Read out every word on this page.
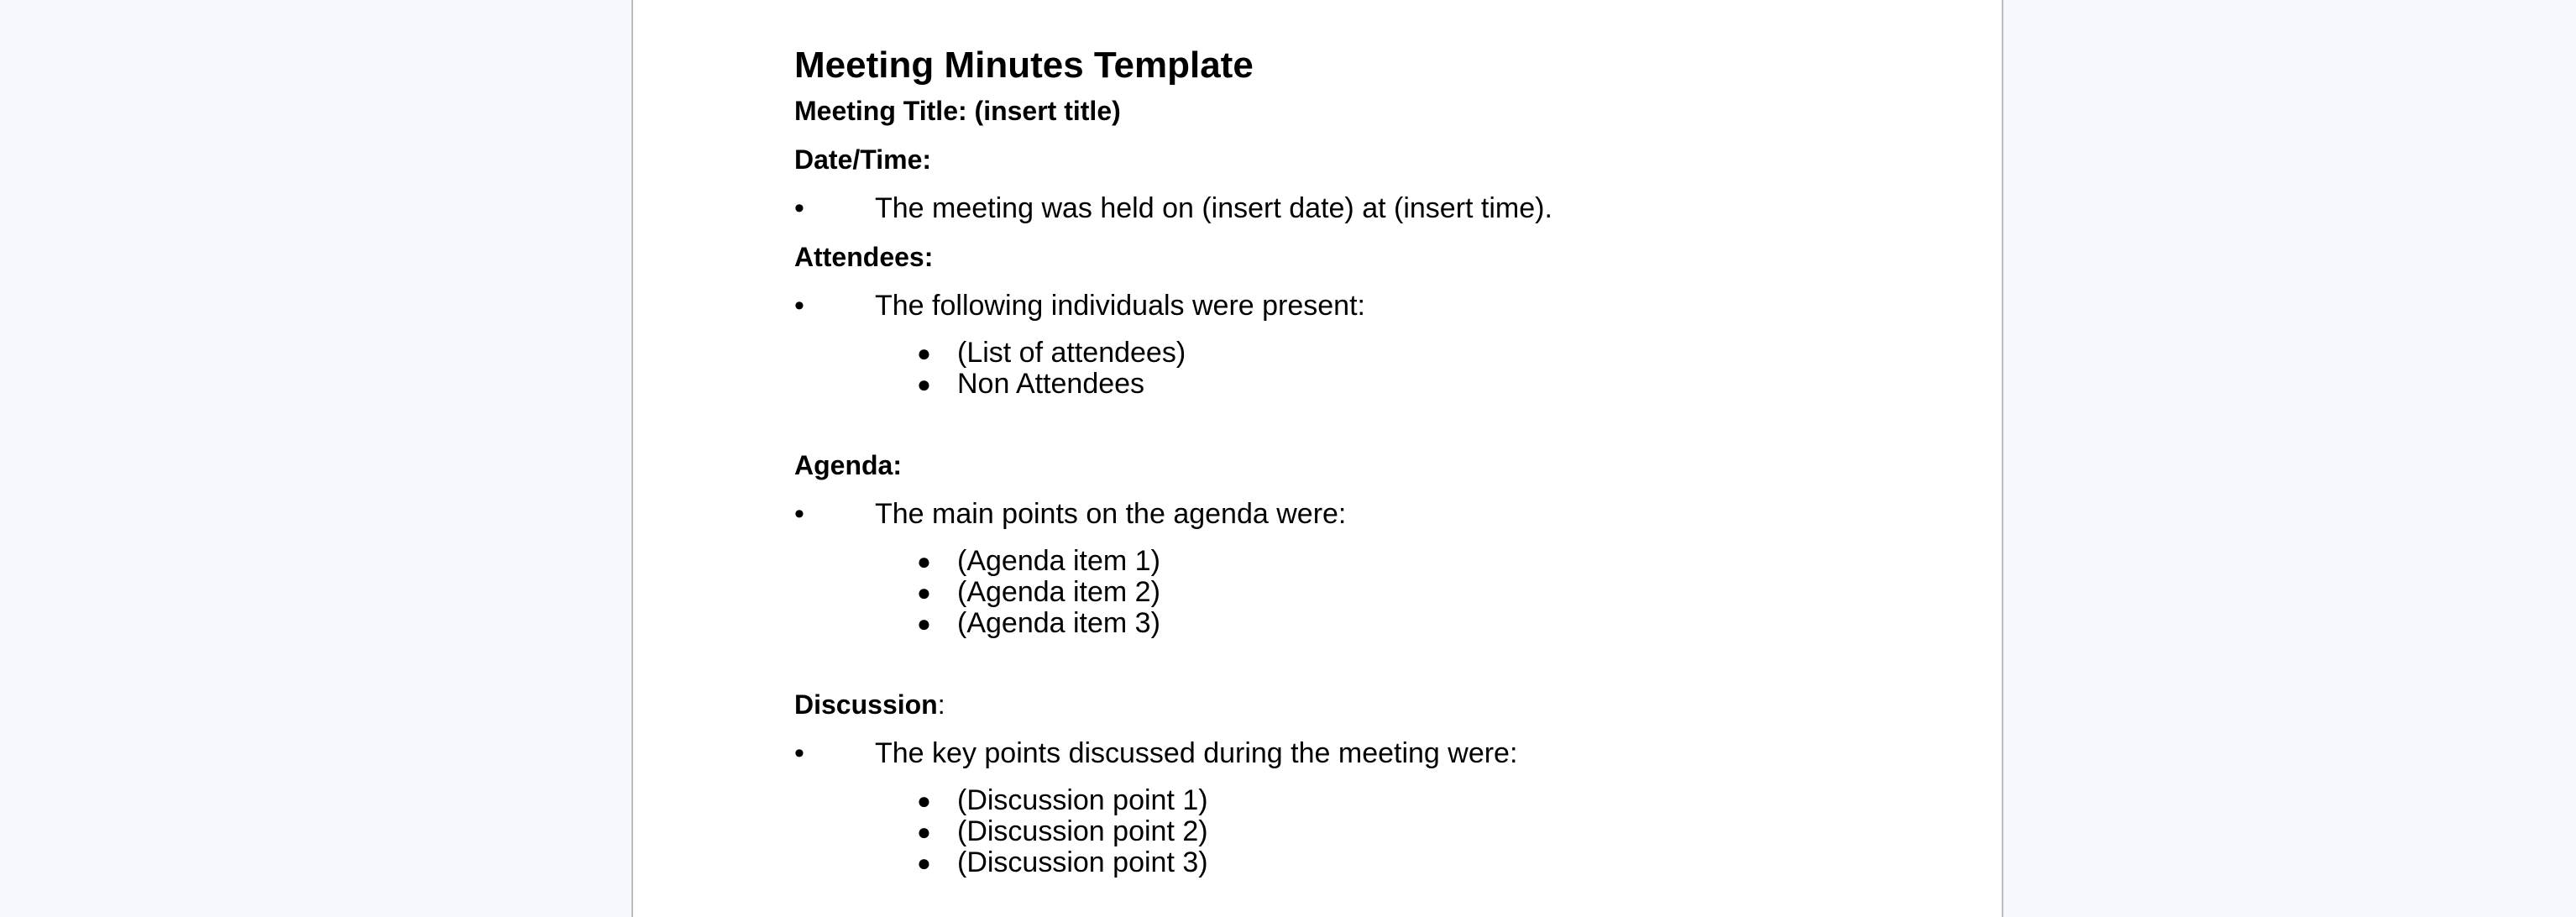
Meeting Minutes Template
Meeting Title: (insert title)
Date/Time:
•	The meeting was held on (insert date) at (insert time).
Attendees:
•	The following individuals were present:
● (List of attendees)
● Non Attendees
Agenda:
•	The main points on the agenda were:
● (Agenda item 1)
● (Agenda item 2)
● (Agenda item 3)
Discussion:
•	The key points discussed during the meeting were:
● (Discussion point 1)
● (Discussion point 2)
● (Discussion point 3)
